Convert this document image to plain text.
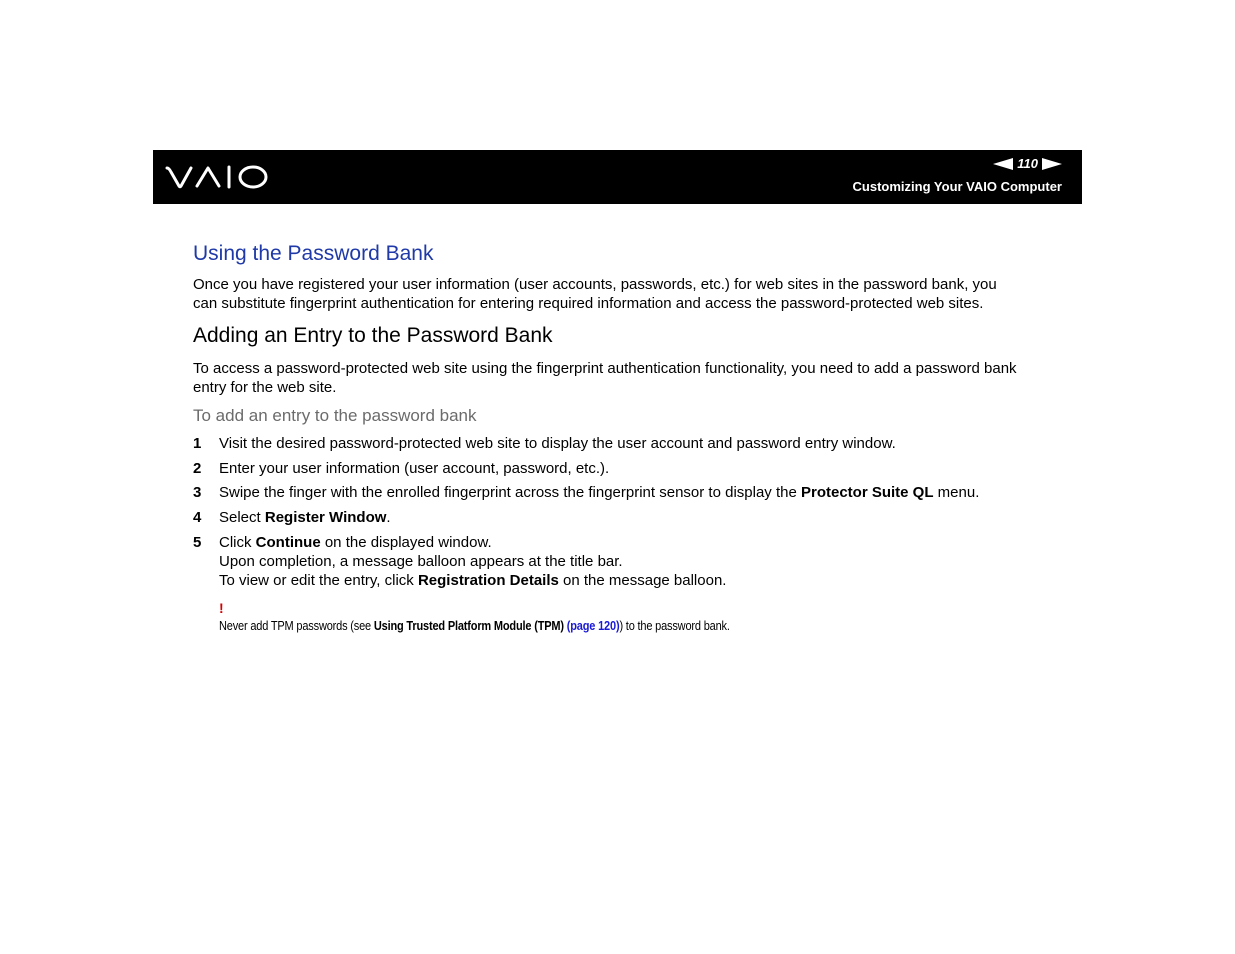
110
Customizing Your VAIO Computer
Using the Password Bank

Once you have registered your user information (user accounts, passwords, etc.) for web sites in the password bank, you
can substitute fingerprint authentication for entering required information and access the password-protected web sites.

Adding an Entry to the Password Bank

To access a password-protected web site using the fingerprint authentication functionality, you need to add a password bank
entry for the web site.

To add an entry to the password bank
1 Visit the desired password-protected web site to display the user account and password entry window.
2 Enter your user information (user account, password, etc.).
3 Swipe the finger with the enrolled fingerprint across the fingerprint sensor to display the Protector Suite QL menu.
4 Select Register Window.
5 Click Continue on the displayed window.
Upon completion, a message balloon appears at the title bar.
To view or edit the entry, click Registration Details on the message balloon.
!
Never add TPM passwords (see Using Trusted Platform Module (TPM) (page 120)) to the password bank.
